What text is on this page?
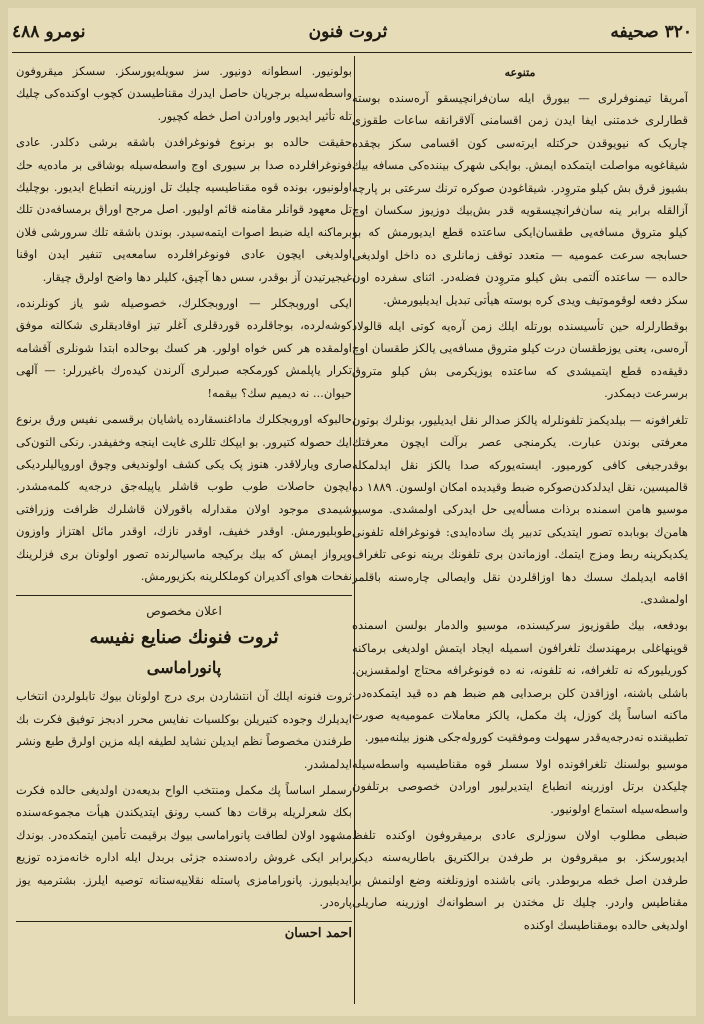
٣٢٠ صحیفه
ثروت فنون
نومرو ٤٨٨
متنوعه

آمریقا تیمنوفرلری — بیورق ایله سان‌فرانچیسقو آره‌سنده بوسته قطارلری خدمتنی ایفا ایدن زمن اقسامنی آلاقرانقه ساعات طقوزی چاریک که نیویوقدن حرکتله ایرته‌سی کون اقسامی سکز بچقده شیقاغویه مواصلت ایتمکده ایمش. بوایکی شهرک بیننده‌کی مسافه بیك بشیوز قرق بش کیلو متروِدر. شیقاغودن صوکره ترنك سرعتی بر پارچه آزالقله برابر ینه سان‌فرانچیسقویه قدر بش‌بیك دوزیوز سکسان اوچ کیلو متروق مسافه‌یی طقسان‌ایکی ساعتده قطع ایدیورمش که بو حسابجه سرعت عمومیه — متعدد توقف زمانلری ده داخل اولدیغی حالده — ساعتده آلتمی بش کیلو متروِدن فضله‌در. اثنای سفرده اون سکز دفعه لوقوموتیف ویدی کره بوسته هیأتی تبدیل ایدیلیورمش.

بوقطارلرله حین تأسیسنده بورتله ایلك زمن آره‌یه کوتی ایله قالولاد آره‌سی، یعنی یوزطقسان درت کیلو متروق مسافه‌یی یالکز طقسان اوچ دقیقه‌ده قطع ایتمیشدی که ساعتده یوزیکرمی بش کیلو متروق برسرعت دیمکدر.

تلغرافونه — بیلدیکمز تلفونلرله یالکز صدالر نقل ایدیلیور، بونلرك بوتون معرفتی بوندن عبارت. یکرمنجی عصر برآلت ایچون معرفتك بوقدرجیغی کافی کورمیور. ایسته‌یورکه صدا یالکز نقل ایدلمکله قالمیسین، نقل ایدلدکدن‌صوکره ضبط وقیدیده امکان اولسون. ١٨٨٩ ده موسیو هامن اسمنده برذات مسأله‌یی حل ایدرکی اولمشدی. موسیو هامن‌ك بوبابده تصور ایتدیکی تدبیر پك ساده‌ایدی: فونوغرافله تلفونی یکدیکرینه ربط ومزج ایتمك. اوزماندن بری تلفونك برینه نوعی تلغراف اقامه ایدیلمك سسك دها اوزاقلردن نقل وایصالی چاره‌سنه باقلمر اولمشدی.

بودفعه، بیك طقوزیوز سرکیسنده، موسیو والدمار بولسن اسمنده قوپنهاغلی برمهندسك تلغرافون اسمیله ایجاد ایتمش اولدیغی برماکنه کوریلیورکه نه تلغرافه، نه تلفونه، نه ده فونوغرافه محتاج اولمقسزین، باشلی باشنه، اوزاقدن کلن برصدایی هم ضبط هم ده قید ایتمکده‌در. ماکنه اساساً پك کوزل، پك مکمل، یالکز معاملات عمومیه‌یه صورت تطبیقنده نه‌درجه‌یه‌قدر سهولت وموفقیت کوروله‌جکی هنوز بیلنه‌میور.

موسیو بولسنك تلغرافونده اولا سسلر قوه مقناطیسیه واسطه‌سیله چلیکدن برتل اوزرینه انطباع ایتدیرلیور اورادن خصوصی برتلفون واسطه‌سیله استماع اولونیور.

ضبطی مطلوب اولان سوزلری عادی برمیقروفون اوکنده تلفظ ایدیورسکز. بو میقروفون بر طرفدن برالکتریق باطاریه‌سنه دیکر طرفدن اصل خطه مربوطدر. یانی باشنده اوزونلغنه وضع اولنمش بر مقناطیس واردر. چلیك تل مختدن بر اسطوانه‌ك اوزرینه صاریلی اولدیغی حالده بومقناطیسك اوکنده

بولونیور. اسطوانه دونیور. سز سویله‌یورسکز. سسکز میقروفون واسطه‌سیله برجریان حاصل ایدرك مقناطیسدن کچوب اوکنده‌کی چلیك تله تأثیر ایدیور واورادن اصل خطه کچیور.

حقیقت حالده بو برنوع فونوغرافدن باشقه برشی دکلدر. عادی فونوغرافلرده صدا بر سیوری اوج واسطه‌سیله بوشاقی بر ماده‌یه حك اولونیور، بونده قوه مقناطیسیه چلیك تل اوزرینه انطباع ایدیور. بوچلیك تل معهود قوانلر مقامنه قائم اولیور. اصل مرجح اوراق برمسافه‌دن تلك برماکنه ایله ضبط اصوات ایتمه‌سیدر. بوندن باشقه تلك سرورشی فلان اولدیغی ایچون عادی فونوغرافلرده سامعه‌یی تنفیر ایدن اوقنا غیجیرتیدن آز بوقدر، سس دها آچیق، کلیلر دها واضح اولرق چیقار.

ایکی اوروبجکلر — اوروبجکلرك، خصوصیله شو یاز کونلرنده، کوشه‌لرده، بوجاقلرده قوردقلری آغلر تیز اوقادیقلری شکالته موفق اولمقده هر کس خواه اولور. هر کسك بوحالده ابتدا شونلری آقشامه تکرار یاپلمش کورمکجه صبرلری آلرندن کیده‌رك باغیررلر: — آلهی حیوان... نه دیمیم سك؟ بیقمه!

حالبوکه اوروبجکلرك ماداغنسقارده یاشایان برقسمی نفیس ورق برنوع ایك حصوله کتیرور. بو ایپکك تللری غایت اینجه وخفیفدر. رنکی التون‌کی صاری ویارلاقدر. هنوز پک یکی کشف اولوندیغی وچوق اوروپالیلردیکی ایچون حاصلات طوب طوب قاشلر یاپیله‌جق درجه‌یه کلمه‌مشدر. شیمدی موجود اولان مقدارله باقورلان قاشلرك ظرافت وزرافتی طوبلیورمش. اوقدر خفیف، اوقدر نازك، اوقدر مائل اهتزاز واوزون وپرواز ایمش که بیك برکیجه ماسیالرنده تصور اولونان بری فزلرینك نفحات هوای آکدیران کوملکلرینه بکزیورمش.

اعلان مخصوص
ثروت فنونك صنایع نفیسه
پانوراماسی

ثروت فنونه ایلك آن انتشاردن بری درج اولونان بیوك تابلولردن انتخاب ایدیلرك وجوده کتیریلن بوکلسیات نفایس محرر ادبجز توفیق فکرت بك طرفندن مخصوصاً نظم ایدیلن نشاید لطیفه ایله مزین اولرق طبع ونشر ایدلمشدر.

رسملر اساساً پك مکمل ومنتخب الواح بدیعه‌دن اولدیغی حالده فکرت بکك شعرلریله برقات دها کسب رونق ایتدیکندن هیأت مجموعه‌سنده مشهود اولان لطافت پانوراماسی بیوك برقیمت تأمین ایتمکده‌در. بوندك برابر ایکی غروش راده‌سنده جزئی بربدل ایله اداره خانه‌مزده توزیع ایدیلیورز. پانورامامزی پاستله نقلاییه‌ستانه توصیه ایلرز. بشترمیه یوز پاره‌در.

احمد احسان
